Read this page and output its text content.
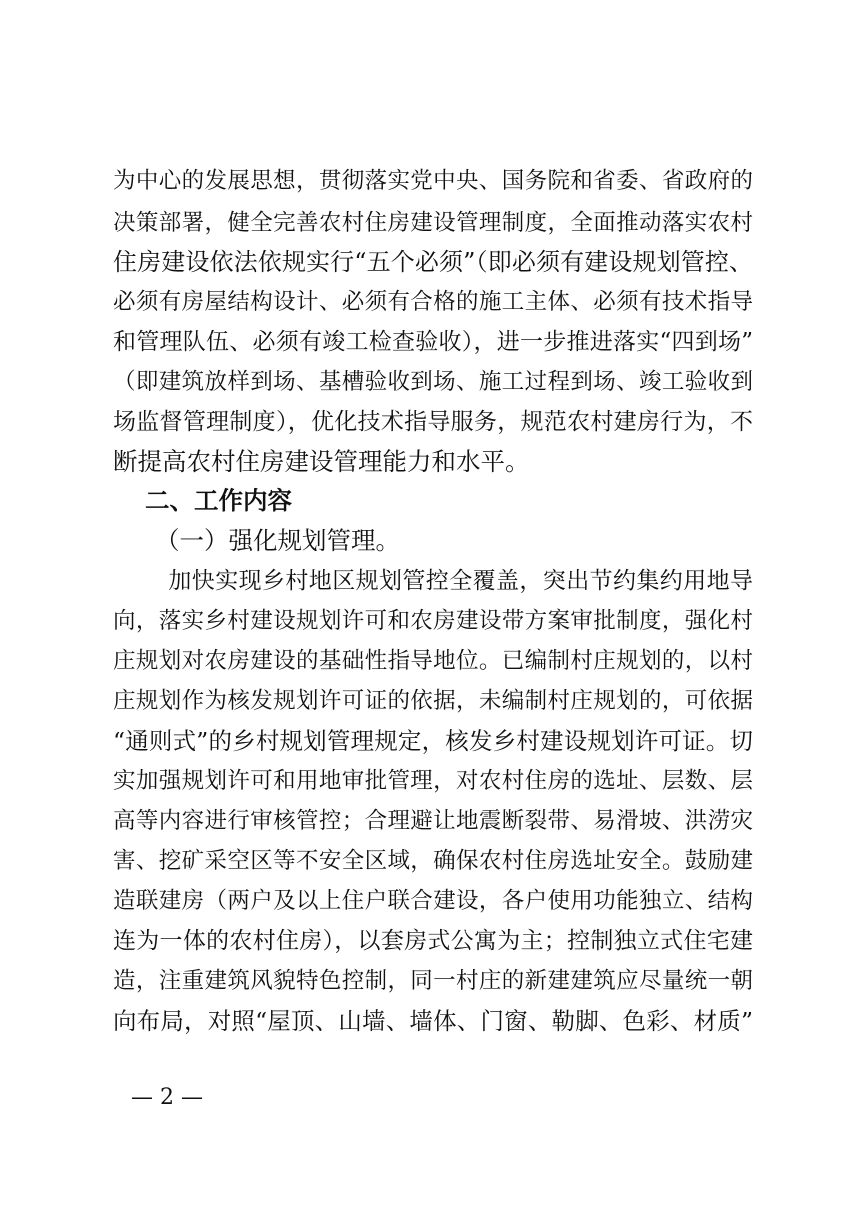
为中心的发展思想，贯彻落实党中央、国务院和省委、省政府的
决策部署，健全完善农村住房建设管理制度，全面推动落实农村
住房建设依法依规实行“五个必须”（即必须有建设规划管控、
必须有房屋结构设计、必须有合格的施工主体、必须有技术指导
和管理队伍、必须有竣工检查验收），进一步推进落实“四到场”
（即建筑放样到场、基槽验收到场、施工过程到场、竣工验收到
场监督管理制度），优化技术指导服务，规范农村建房行为，不
断提高农村住房建设管理能力和水平。
二、工作内容
（一）强化规划管理。
　加快实现乡村地区规划管控全覆盖，突出节约集约用地导
向，落实乡村建设规划许可和农房建设带方案审批制度，强化村
庄规划对农房建设的基础性指导地位。已编制村庄规划的，以村
庄规划作为核发规划许可证的依据，未编制村庄规划的，可依据
“通则式”的乡村规划管理规定，核发乡村建设规划许可证。切
实加强规划许可和用地审批管理，对农村住房的选址、层数、层
高等内容进行审核管控；合理避让地震断裂带、易滑坡、洪涝灾
害、挖矿采空区等不安全区域，确保农村住房选址安全。鼓励建
造联建房（两户及以上住户联合建设，各户使用功能独立、结构
连为一体的农村住房），以套房式公寓为主；控制独立式住宅建
造，注重建筑风貌特色控制，同一村庄的新建建筑应尽量统一朝
向布局，对照“屋顶、山墙、墙体、门窗、勒脚、色彩、材质”
— 2 —
